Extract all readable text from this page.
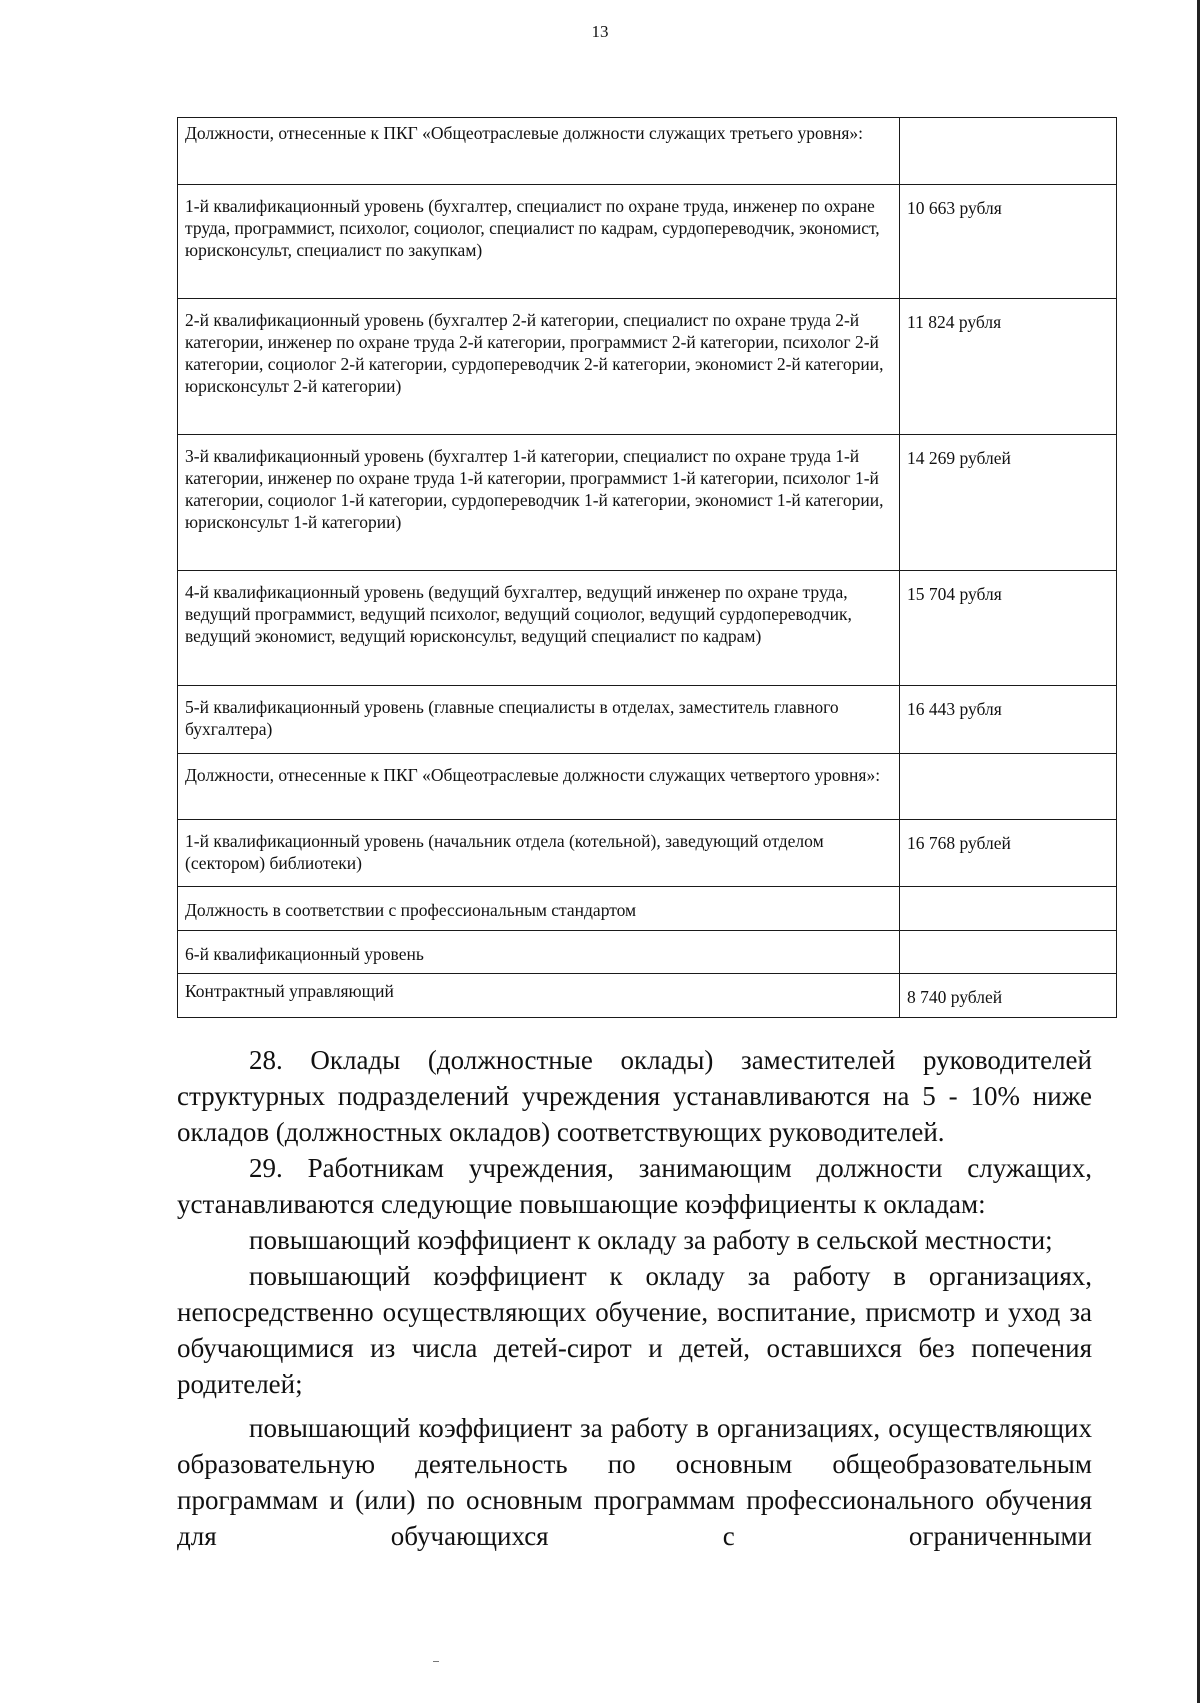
13
Должности, отнесенные к ПКГ «Общеотраслевые должности служащих третьего уровня»:	
1-й квалификационный уровень (бухгалтер, специалист по охране труда, инженер по охране труда, программист, психолог, социолог, специалист по кадрам, сурдопереводчик, экономист, юрисконсульт, специалист по закупкам)	10 663 рубля
2-й квалификационный уровень (бухгалтер 2-й категории, специалист по охране труда 2-й категории, инженер по охране труда 2-й категории, программист 2-й категории, психолог 2-й категории, социолог 2-й категории, сурдопереводчик 2-й категории, экономист 2-й категории, юрисконсульт 2-й категории)	11 824 рубля
3-й квалификационный уровень (бухгалтер 1-й категории, специалист по охране труда 1-й категории, инженер по охране труда 1-й категории, программист 1-й категории, психолог 1-й категории, социолог 1-й категории, сурдопереводчик 1-й категории, экономист 1-й категории, юрисконсульт 1-й категории)	14 269 рублей
4-й квалификационный уровень (ведущий бухгалтер, ведущий инженер по охране труда, ведущий программист, ведущий психолог, ведущий социолог, ведущий сурдопереводчик, ведущий экономист, ведущий юрисконсульт, ведущий специалист по кадрам)	15 704 рубля
5-й квалификационный уровень (главные специалисты в отделах, заместитель главного бухгалтера)	16 443 рубля
Должности, отнесенные к ПКГ «Общеотраслевые должности служащих четвертого уровня»:	
1-й квалификационный уровень (начальник отдела (котельной), заведующий отделом (сектором) библиотеки)	16 768 рублей
Должность в соответствии с профессиональным стандартом	
6-й квалификационный уровень	
Контрактный управляющий	8 740 рублей

28. Оклады (должностные оклады) заместителей руководителей структурных подразделений учреждения устанавливаются на 5 - 10% ниже окладов (должностных окладов) соответствующих руководителей.

29. Работникам учреждения, занимающим должности служащих, устанавливаются следующие повышающие коэффициенты к окладам:

повышающий коэффициент к окладу за работу в сельской местности;

повышающий коэффициент к окладу за работу в организациях, непосредственно осуществляющих обучение, воспитание, присмотр и уход за обучающимися из числа детей-сирот и детей, оставшихся без попечения родителей;

повышающий коэффициент за работу в организациях, осуществляющих образовательную деятельность по основным общеобразовательным программам и (или) по основным программам профессионального обучения для обучающихся с ограниченными
